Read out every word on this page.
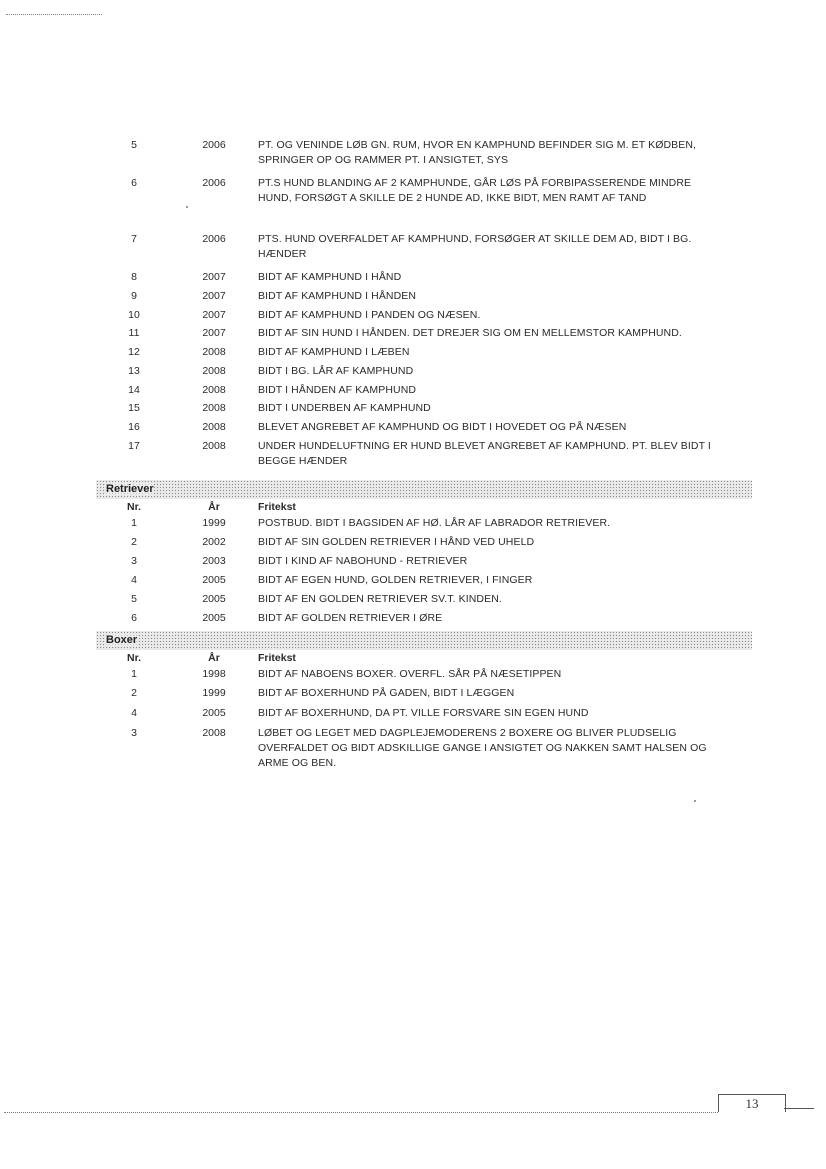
5	2006	PT. OG VENINDE LØB GN. RUM, HVOR EN KAMPHUND BEFINDER SIG M. ET KØDBEN,
SPRINGER OP OG RAMMER PT. I ANSIGTET, SYS
6	2006	PT.S HUND BLANDING AF 2 KAMPHUNDE, GÅR LØS PÅ FORBIPASSERENDE MINDRE
HUND, FORSØGT A SKILLE DE 2 HUNDE AD, IKKE BIDT, MEN RAMT AF TAND
7	2006	PTS. HUND OVERFALDET AF KAMPHUND, FORSØGER AT SKILLE DEM AD, BIDT I BG.
HÆNDER
8	2007	BIDT AF KAMPHUND I HÅND
9	2007	BIDT AF KAMPHUND I HÅNDEN
10	2007	BIDT AF KAMPHUND I PANDEN OG NÆSEN.
11	2007	BIDT AF SIN HUND I HÅNDEN. DET DREJER SIG OM EN MELLEMSTOR KAMPHUND.
12	2008	BIDT AF KAMPHUND I LÆBEN
13	2008	BIDT I BG. LÅR AF KAMPHUND
14	2008	BIDT I HÅNDEN AF KAMPHUND
15	2008	BIDT I UNDERBEN AF KAMPHUND
16	2008	BLEVET ANGREBET AF KAMPHUND OG BIDT I HOVEDET OG PÅ NÆSEN
17	2008	UNDER HUNDELUFTNING ER HUND BLEVET ANGREBET AF KAMPHUND. PT. BLEV BIDT I
BEGGE HÆNDER
Retriever
Nr.	År	Fritekst
1	1999	POSTBUD. BIDT I BAGSIDEN AF HØ. LÅR AF LABRADOR RETRIEVER.
2	2002	BIDT AF SIN GOLDEN RETRIEVER I HÅND VED UHELD
3	2003	BIDT I KIND AF NABOHUND - RETRIEVER
4	2005	BIDT AF EGEN HUND, GOLDEN RETRIEVER, I FINGER
5	2005	BIDT AF EN GOLDEN RETRIEVER SV.T. KINDEN.
6	2005	BIDT AF GOLDEN RETRIEVER I ØRE
Boxer
Nr.	År	Fritekst
1	1998	BIDT AF NABOENS BOXER. OVERFL. SÅR PÅ NÆSETIPPEN
2	1999	BIDT AF BOXERHUND PÅ GADEN, BIDT I LÆGGEN
4	2005	BIDT AF BOXERHUND, DA PT. VILLE FORSVARE SIN EGEN HUND
3	2008	LØBET OG LEGET MED DAGPLEJEMODERENS 2 BOXERE OG BLIVER PLUDSELIG
OVERFALDET OG BIDT ADSKILLIGE GANGE I ANSIGTET OG NAKKEN SAMT HALSEN OG
ARME OG BEN.
13
